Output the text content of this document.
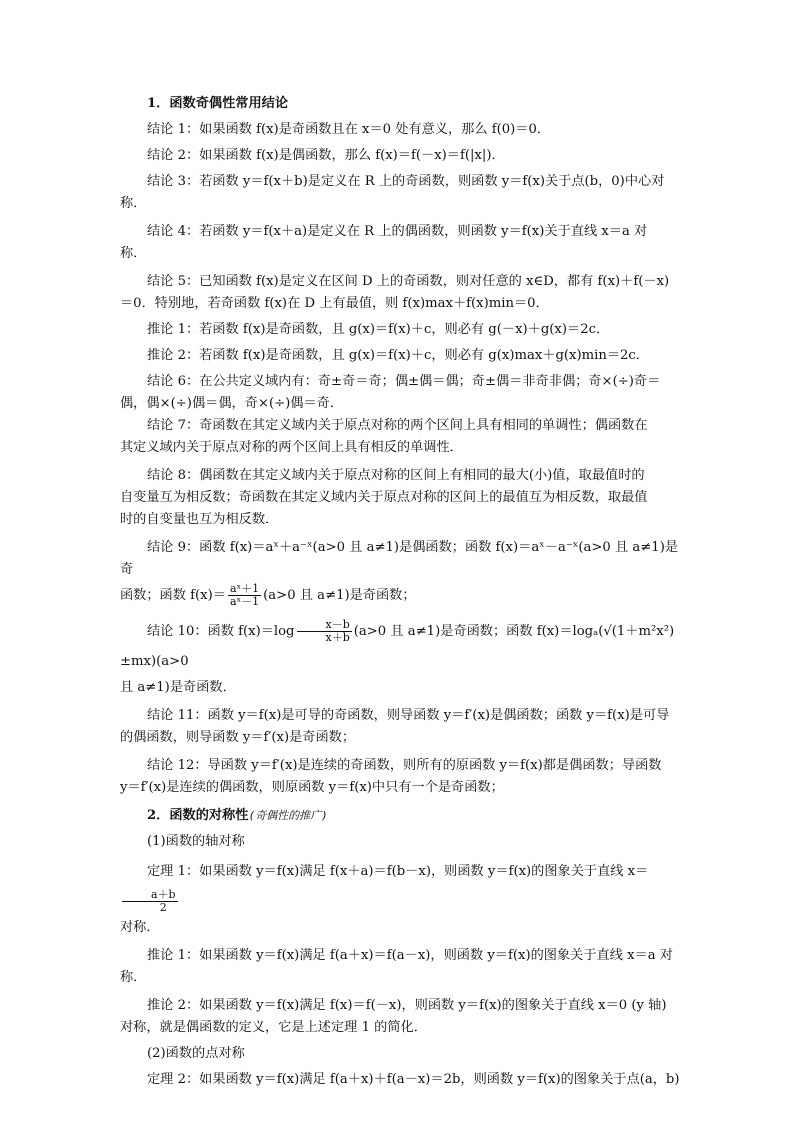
1．函数奇偶性常用结论

结论 1：如果函数 f(x)是奇函数且在 x＝0 处有意义，那么 f(0)＝0．

结论 2：如果函数 f(x)是偶函数，那么 f(x)＝f(－x)＝f(|x|)．

结论 3：若函数 y＝f(x＋b)是定义在 R 上的奇函数，则函数 y＝f(x)关于点(b，0)中心对

称．

结论 4：若函数 y＝f(x＋a)是定义在 R 上的偶函数，则函数 y＝f(x)关于直线 x＝a 对

称．

结论 5：已知函数 f(x)是定义在区间 D 上的奇函数，则对任意的 x∈D，都有 f(x)＋f(－x)

＝0．特别地，若奇函数 f(x)在 D 上有最值，则 f(x)max＋f(x)min＝0．

推论 1：若函数 f(x)是奇函数，且 g(x)＝f(x)＋c，则必有 g(－x)＋g(x)＝2c．

推论 2：若函数 f(x)是奇函数，且 g(x)＝f(x)＋c，则必有 g(x)max＋g(x)min＝2c．

结论 6：在公共定义域内有：奇±奇＝奇；偶±偶＝偶；奇±偶＝非奇非偶；奇×(÷)奇＝

偶，偶×(÷)偶＝偶，奇×(÷)偶＝奇．

结论 7：奇函数在其定义域内关于原点对称的两个区间上具有相同的单调性；偶函数在

其定义域内关于原点对称的两个区间上具有相反的单调性．

结论 8：偶函数在其定义域内关于原点对称的区间上有相同的最大(小)值，取最值时的

自变量互为相反数；奇函数在其定义域内关于原点对称的区间上的最值互为相反数，取最值

时的自变量也互为相反数．

结论 9：函数 f(x)＝aˣ＋a⁻ˣ(a>0 且 a≠1)是偶函数；函数 f(x)＝aˣ－a⁻ˣ(a>0 且 a≠1)是奇

函数；函数 $f(x)= \frac{\text{aˣ＋1}}{\text{aˣ－1}} (a>0$ 且 a≠1)是奇函数；

结论 10：函数 $f(x)=\log \frac{x-b}{x+b} (a>0$ 且 a≠1)是奇函数；函数 f(x)＝logₐ(√(1＋m²x²)±mx)(a>0

且 a≠1)是奇函数．

结论 11：函数 y＝f(x)是可导的奇函数，则导函数 y＝f′(x)是偶函数；函数 y＝f(x)是可导

的偶函数，则导函数 y＝f′(x)是奇函数；

结论 12：导函数 y＝f′(x)是连续的奇函数，则所有的原函数 y＝f(x)都是偶函数；导函数

y＝f′(x)是连续的偶函数，则原函数 y＝f(x)中只有一个是奇函数；

2．函数的对称性(奇偶性的推广)

(1)函数的轴对称

定理 1：如果函数 y＝f(x)满足 f(x＋a)＝f(b－x)，则函数 y＝f(x)的图象关于直线 x＝
$\frac{a+b}{2}$

对称．

推论 1：如果函数 y＝f(x)满足 f(a＋x)＝f(a－x)，则函数 y＝f(x)的图象关于直线 x＝a 对

称．

推论 2：如果函数 y＝f(x)满足 f(x)＝f(－x)，则函数 y＝f(x)的图象关于直线 x＝0 (y 轴)

对称，就是偶函数的定义，它是上述定理 1 的简化．

(2)函数的点对称

定理 2：如果函数 y＝f(x)满足 f(a＋x)＋f(a－x)＝2b，则函数 y＝f(x)的图象关于点(a，b)
